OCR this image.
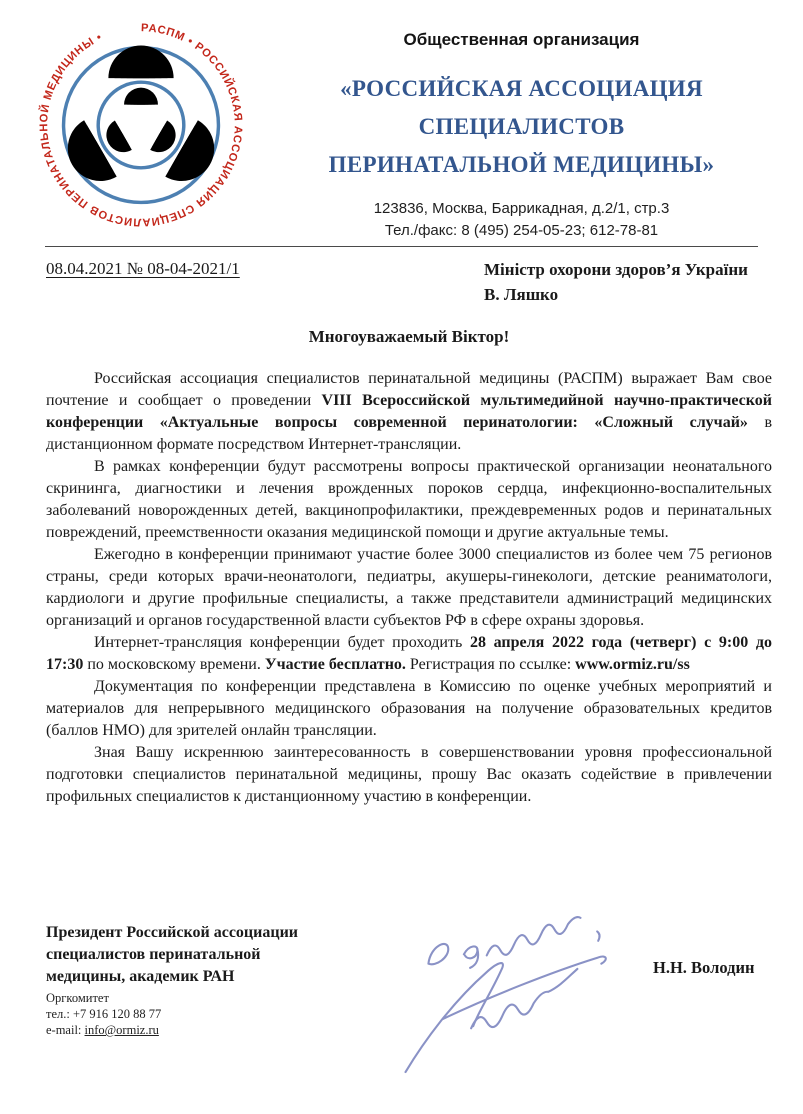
РАСПМ • РОССИЙСКАЯ АССОЦИАЦИЯ СПЕЦИАЛИСТОВ ПЕРИНАТАЛЬНОЙ МЕДИЦИНЫ •	Общественная организация
«РОССИЙСКАЯ АССОЦИАЦИЯ
СПЕЦИАЛИСТОВ
ПЕРИНАТАЛЬНОЙ МЕДИЦИНЫ»
123836, Москва, Баррикадная, д.2/1, стр.3
Тел./факс: 8 (495) 254-05-23; 612-78-81
08.04.2021 № 08-04-2021/1	Міністр охорони здоров’я України
В. Ляшко
Многоуважаемый Віктор!

Российская ассоциация специалистов перинатальной медицины (РАСПМ) выражает Вам свое почтение и сообщает о проведении VIII Всероссийской мультимедийной научно-практической конференции «Актуальные вопросы современной перинатологии: «Сложный случай» в дистанционном формате посредством Интернет-трансляции.

В рамках конференции будут рассмотрены вопросы практической организации неонатального скрининга, диагностики и лечения врожденных пороков сердца, инфекционно-воспалительных заболеваний новорожденных детей, вакцинопрофилактики, преждевременных родов и перинатальных повреждений, преемственности оказания медицинской помощи и другие актуальные темы.

Ежегодно в конференции принимают участие более 3000 специалистов из более чем 75 регионов страны, среди которых врачи-неонатологи, педиатры, акушеры-гинекологи, детские реаниматологи, кардиологи и другие профильные специалисты, а также представители администраций медицинских организаций и органов государственной власти субъектов РФ в сфере охраны здоровья.

Интернет-трансляция конференции будет проходить 28 апреля 2022 года (четверг) с 9:00 до 17:30 по московскому времени. Участие бесплатно. Регистрация по ссылке: www.ormiz.ru/ss

Документация по конференции представлена в Комиссию по оценке учебных мероприятий и материалов для непрерывного медицинского образования на получение образовательных кредитов (баллов НМО) для зрителей онлайн трансляции.

Зная Вашу искреннюю заинтересованность в совершенствовании уровня профессиональной подготовки специалистов перинатальной медицины, прошу Вас оказать содействие в привлечении профильных специалистов к дистанционному участию в конференции.

Президент Российской ассоциации
специалистов перинатальной
медицины, академик РАН
Оргкомитет
тел.: +7 916 120 88 77
e-mail: info@ormiz.ru
Н.Н. Володин
